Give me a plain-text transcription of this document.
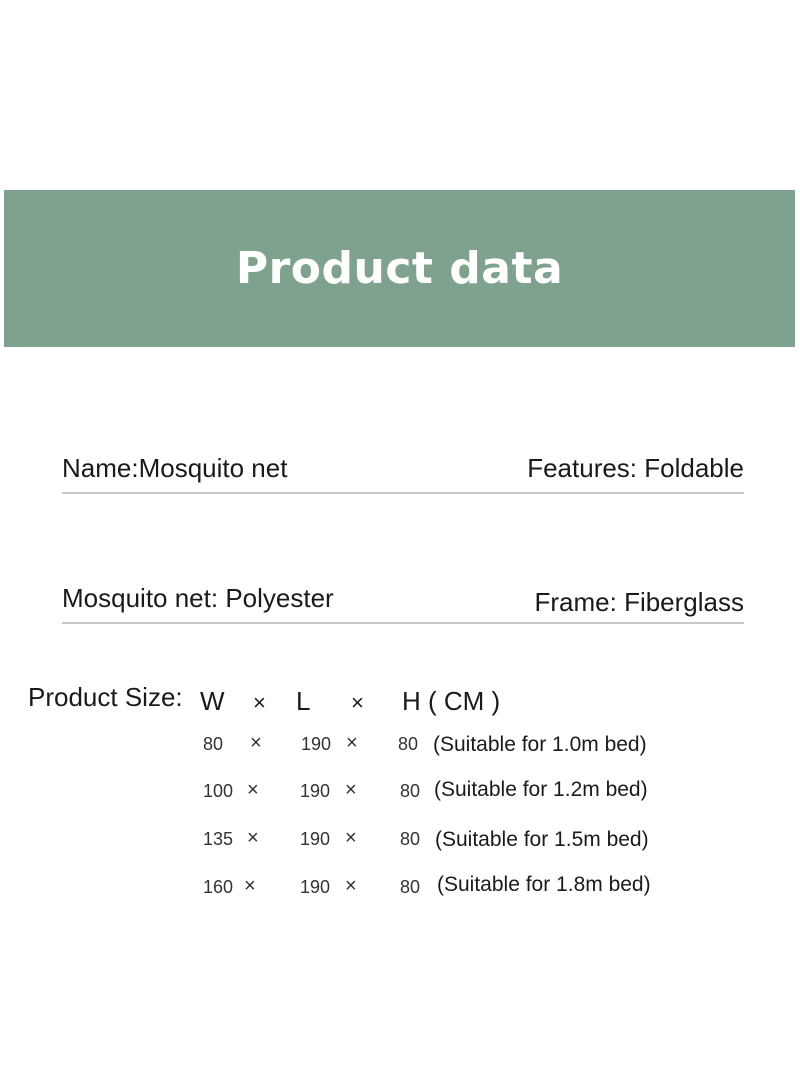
Product data
Name:Mosquito net	Features: Foldable
Mosquito net: Polyester	Frame: Fiberglass
Product Size: W × L × H ( CM )
80 × 190 × 80 (Suitable for 1.0m bed)
100 × 190 × 80 (Suitable for 1.2m bed)
135 × 190 × 80 (Suitable for 1.5m bed)
160 × 190 × 80 (Suitable for 1.8m bed)
